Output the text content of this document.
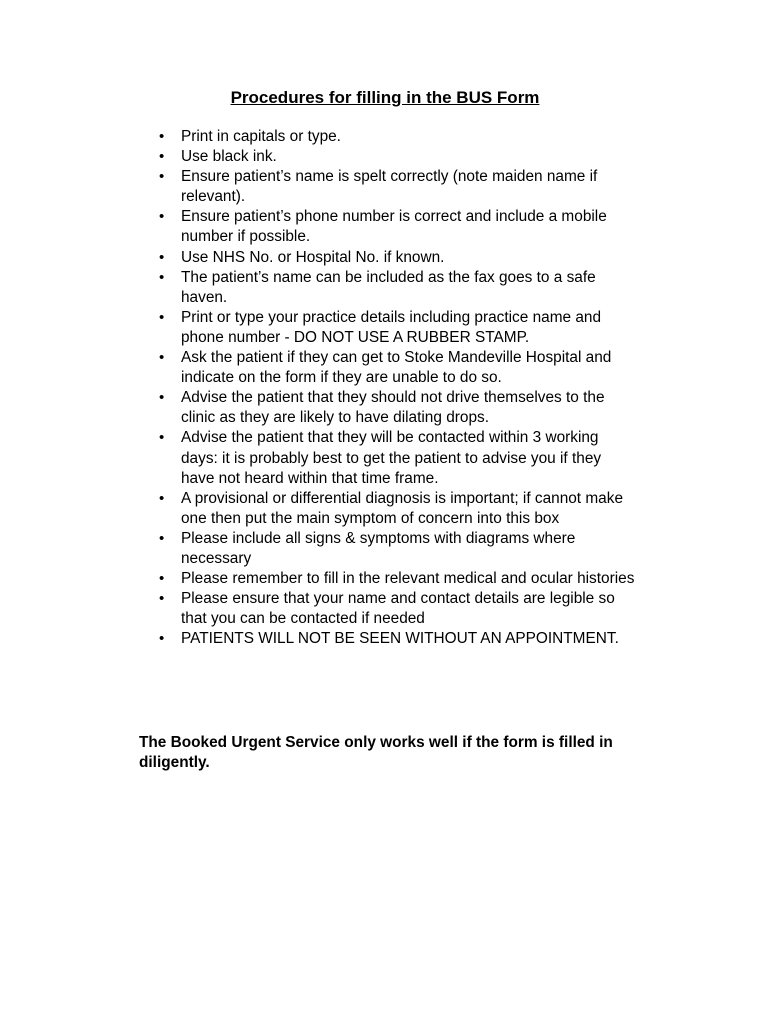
Procedures for filling in the BUS Form
• Print in capitals or type.
• Use black ink.
• Ensure patient’s name is spelt correctly (note maiden name if relevant).
• Ensure patient’s phone number is correct and include a mobile number if possible.
• Use NHS No. or Hospital No. if known.
• The patient’s name can be included as the fax goes to a safe haven.
• Print or type your practice details including practice name and phone number - DO NOT USE A RUBBER STAMP.
• Ask the patient if they can get to Stoke Mandeville Hospital and indicate on the form if they are unable to do so.
• Advise the patient that they should not drive themselves to the clinic as they are likely to have dilating drops.
• Advise the patient that they will be contacted within 3 working days: it is probably best to get the patient to advise you if they have not heard within that time frame.
• A provisional or differential diagnosis is important; if cannot make one then put the main symptom of concern into this box
• Please include all signs & symptoms with diagrams where necessary
• Please remember to fill in the relevant medical and ocular histories
• Please ensure that your name and contact details are legible so that you can be contacted if needed
• PATIENTS WILL NOT BE SEEN WITHOUT AN APPOINTMENT.
The Booked Urgent Service only works well if the form is filled in diligently.
